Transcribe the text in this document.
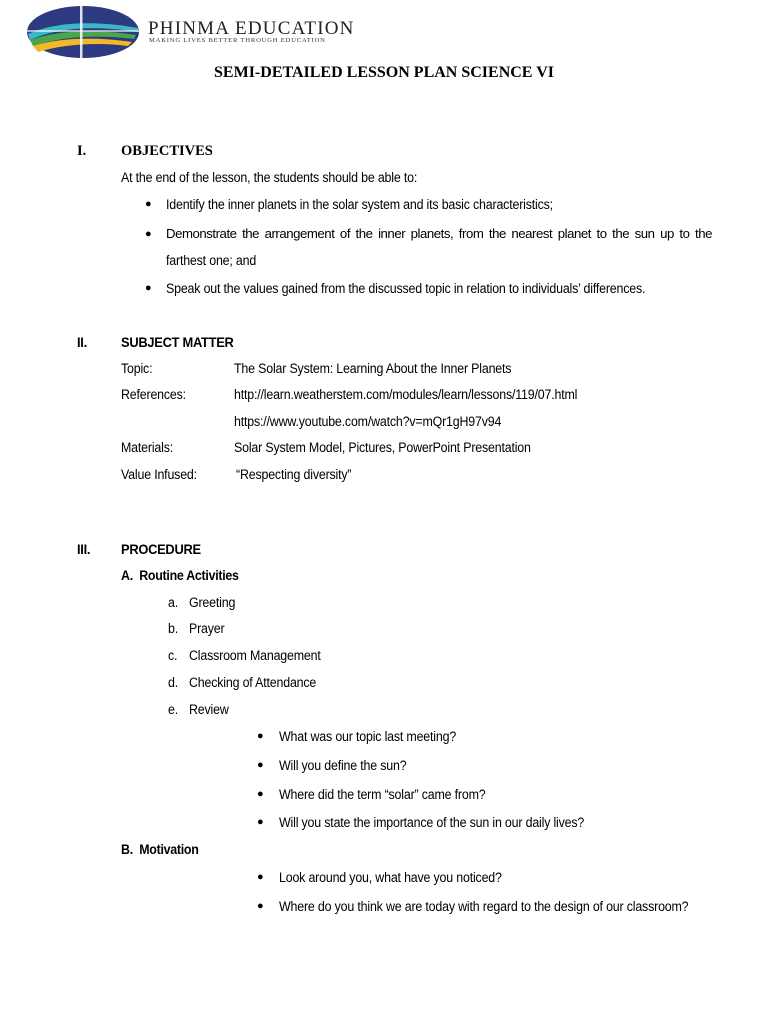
PHINMA EDUCATION
MAKING LIVES BETTER THROUGH EDUCATION
SEMI-DETAILED LESSON PLAN SCIENCE VI
I. OBJECTIVES
At the end of the lesson, the students should be able to:
● Identify the inner planets in the solar system and its basic characteristics;
● Demonstrate the arrangement of the inner planets, from the nearest planet to the sun up to the
farthest one; and
● Speak out the values gained from the discussed topic in relation to individuals’ differences.
II. SUBJECT MATTER
Topic:	The Solar System: Learning About the Inner Planets
References:	http://learn.weatherstem.com/modules/learn/lessons/119/07.html
https://www.youtube.com/watch?v=mQr1gH97v94
Materials:	Solar System Model, Pictures, PowerPoint Presentation
Value Infused:	“Respecting diversity”
III. PROCEDURE
A.  Routine Activities
a. Greeting
b. Prayer
c. Classroom Management
d. Checking of Attendance
e. Review
● What was our topic last meeting?
● Will you define the sun?
● Where did the term “solar” came from?
● Will you state the importance of the sun in our daily lives?
B.  Motivation
● Look around you, what have you noticed?
● Where do you think we are today with regard to the design of our classroom?
